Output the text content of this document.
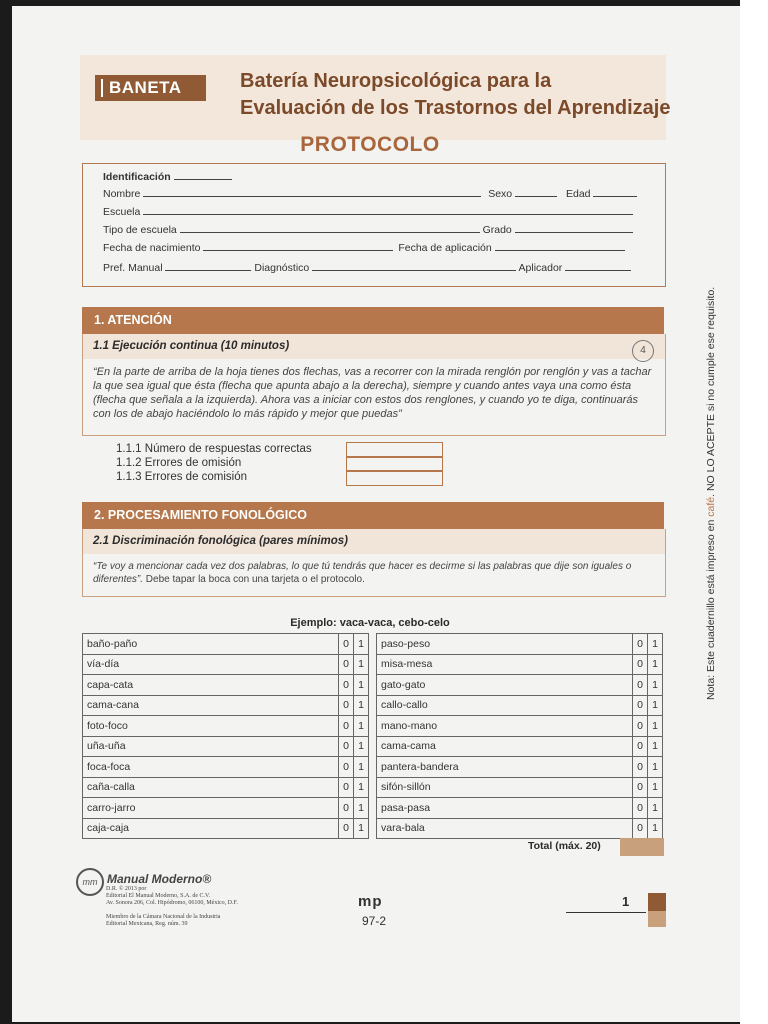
BANETA	Batería Neuropsicológica para la
Evaluación de los Trastornos del Aprendizaje
PROTOCOLO
Identificación
Nombre	Sexo	Edad
Escuela
Tipo de escuela	Grado
Fecha de nacimiento	Fecha de aplicación
Pref. Manual	Diagnóstico	Aplicador
1. ATENCIÓN
1.1 Ejecución continua (10 minutos)	4
“En la parte de arriba de la hoja tienes dos flechas, vas a recorrer con la mirada renglón por renglón y vas a tachar la que sea igual que ésta (flecha que apunta abajo a la derecha), siempre y cuando antes vaya una como ésta (flecha que señala a la izquierda). Ahora vas a iniciar con estos dos renglones, y cuando yo te diga, continuarás con los de abajo haciéndolo lo más rápido y mejor que puedas”
1.1.1 Número de respuestas correctas
1.1.2 Errores de omisión
1.1.3 Errores de comisión
2. PROCESAMIENTO FONOLÓGICO
2.1 Discriminación fonológica (pares mínimos)
“Te voy a mencionar cada vez dos palabras, lo que tú tendrás que hacer es decirme si las palabras que dije son iguales o diferentes”. Debe tapar la boca con una tarjeta o el protocolo.
Ejemplo: vaca-vaca, cebo-celo
baño-paño	0	1
vía-día	0	1
capa-cata	0	1
cama-cana	0	1
foto-foco	0	1
uña-uña	0	1
foca-foca	0	1
caña-calla	0	1
carro-jarro	0	1
caja-caja	0	1
paso-peso	0	1
misa-mesa	0	1
gato-gato	0	1
callo-callo	0	1
mano-mano	0	1
cama-cama	0	1
pantera-bandera	0	1
sifón-sillón	0	1
pasa-pasa	0	1
vara-bala	0	1
Total (máx. 20)
mm Manual Moderno®
D.R. © 2013 por
Editorial El Manual Moderno, S.A. de C.V.
Av. Sonora 206, Col. Hipódromo, 06100, México, D.F.

Miembro de la Cámara Nacional de la Industria
Editorial Mexicana, Reg. núm. 39
mp
97-2
1
Nota: Este cuadernillo está impreso en café. NO LO ACEPTE si no cumple ese requisito.
